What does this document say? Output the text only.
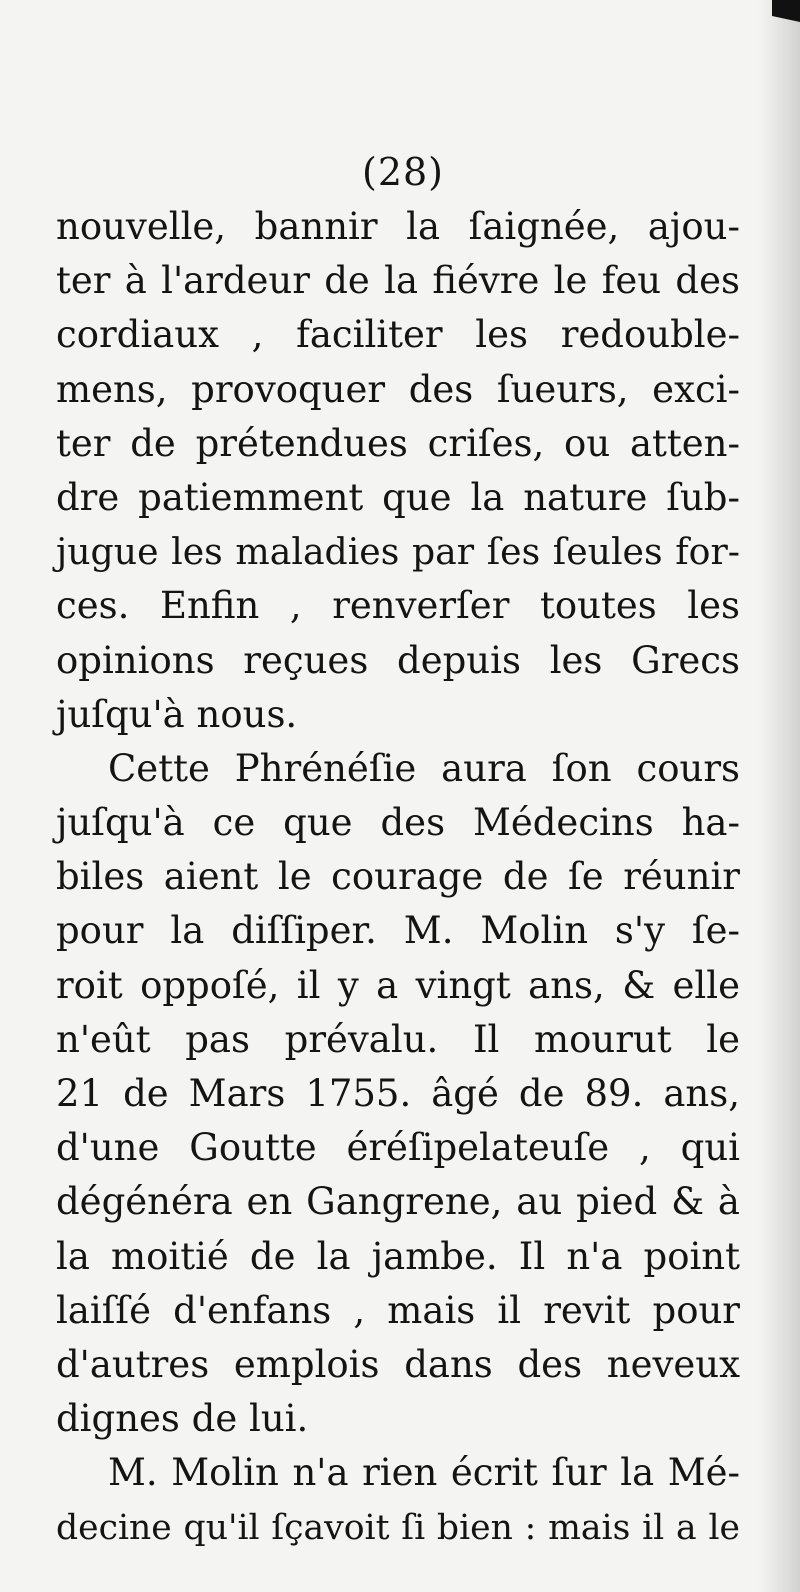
(28)
nouvelle, bannir la ſaignée, ajou-
ter à l'ardeur de la fiévre le feu des
cordiaux , faciliter les redouble-
mens, provoquer des ſueurs, exci-
ter de prétendues criſes, ou atten-
dre patiemment que la nature ſub-
jugue les maladies par ſes ſeules for-
ces. Enfin , renverſer toutes les
opinions reçues depuis les Grecs
juſqu'à nous.
Cette Phrénéſie aura ſon cours
juſqu'à ce que des Médecins ha-
biles aient le courage de ſe réunir
pour la diſſiper. M. Molin s'y ſe-
roit oppoſé, il y a vingt ans, & elle
n'eût pas prévalu. Il mourut le
21 de Mars 1755. âgé de 89. ans,
d'une Goutte éréſipelateuſe , qui
dégénéra en Gangrene, au pied & à
la moitié de la jambe. Il n'a point
laiſſé d'enfans , mais il revit pour
d'autres emplois dans des neveux
dignes de lui.
M. Molin n'a rien écrit ſur la Mé-
decine qu'il ſçavoit ſi bien : mais il a le
